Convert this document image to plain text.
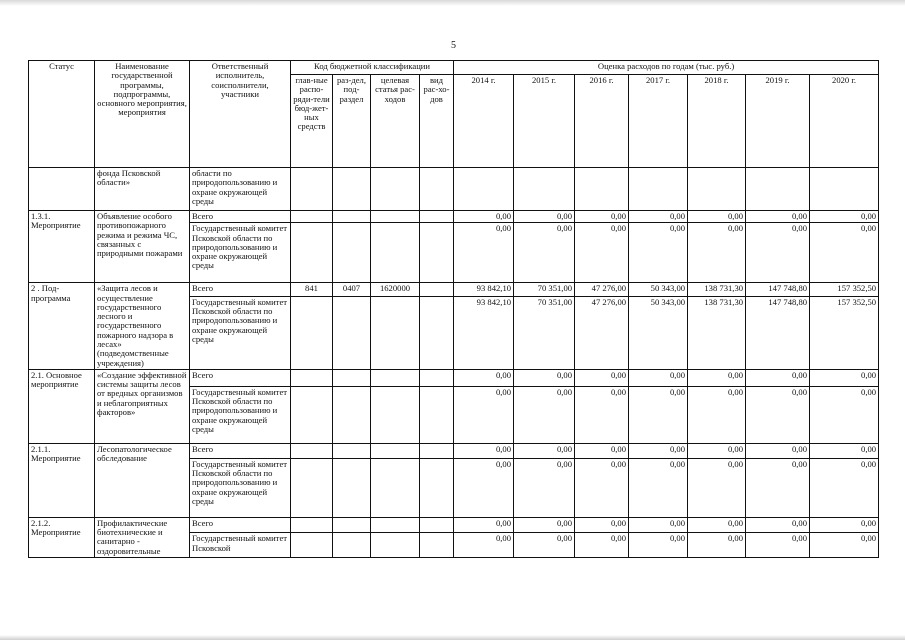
5
Статус	Наименование государственной программы, подпрограммы, основного мероприятия, мероприятия	Ответственный исполнитель, соисполнители, участники	Код бюджетной классификации				Оценка расходов по годам (тыс. руб.)						
			глав-ные распо-ряди-тели бюд-жет-ных средств	раз-дел, под-раздел	целевая статья рас-ходов	вид рас-хо-дов	2014 г.	2015 г.	2016 г.	2017 г.	2018 г.	2019 г.	2020 г.
	фонда Псковской области»	области по природопользованию и охране окружающей среды											
1.3.1. Мероприятие	Объявление особого противопожарного режима и режима ЧС, связанных с природными пожарами	Всего					0,00	0,00	0,00	0,00	0,00	0,00	0,00
		Государственный комитет Псковской области по природопользованию и охране окружающей среды					0,00	0,00	0,00	0,00	0,00	0,00	0,00
2 . Под-программа	«Защита лесов и осуществление государственного лесного и государственного пожарного надзора в лесах» (подведомственные учреждения)	Всего	841	0407	1620000		93 842,10	70 351,00	47 276,00	50 343,00	138 731,30	147 748,80	157 352,50
		Государственный комитет Псковской области по природопользованию и охране окружающей среды					93 842,10	70 351,00	47 276,00	50 343,00	138 731,30	147 748,80	157 352,50
2.1. Основное мероприятие	«Создание эффективной системы защиты лесов от вредных организмов и неблагоприятных факторов»	Всего					0,00	0,00	0,00	0,00	0,00	0,00	0,00
		Государственный комитет Псковской области по природопользованию и охране окружающей среды					0,00	0,00	0,00	0,00	0,00	0,00	0,00
2.1.1. Мероприятие	Лесопатологическое обследование	Всего					0,00	0,00	0,00	0,00	0,00	0,00	0,00
		Государственный комитет Псковской области по природопользованию и охране окружающей среды					0,00	0,00	0,00	0,00	0,00	0,00	0,00
2.1.2. Мероприятие	Профилактические биотехнические и санитарно - оздоровительные	Всего					0,00	0,00	0,00	0,00	0,00	0,00	0,00
		Государственный комитет Псковской					0,00	0,00	0,00	0,00	0,00	0,00	0,00
